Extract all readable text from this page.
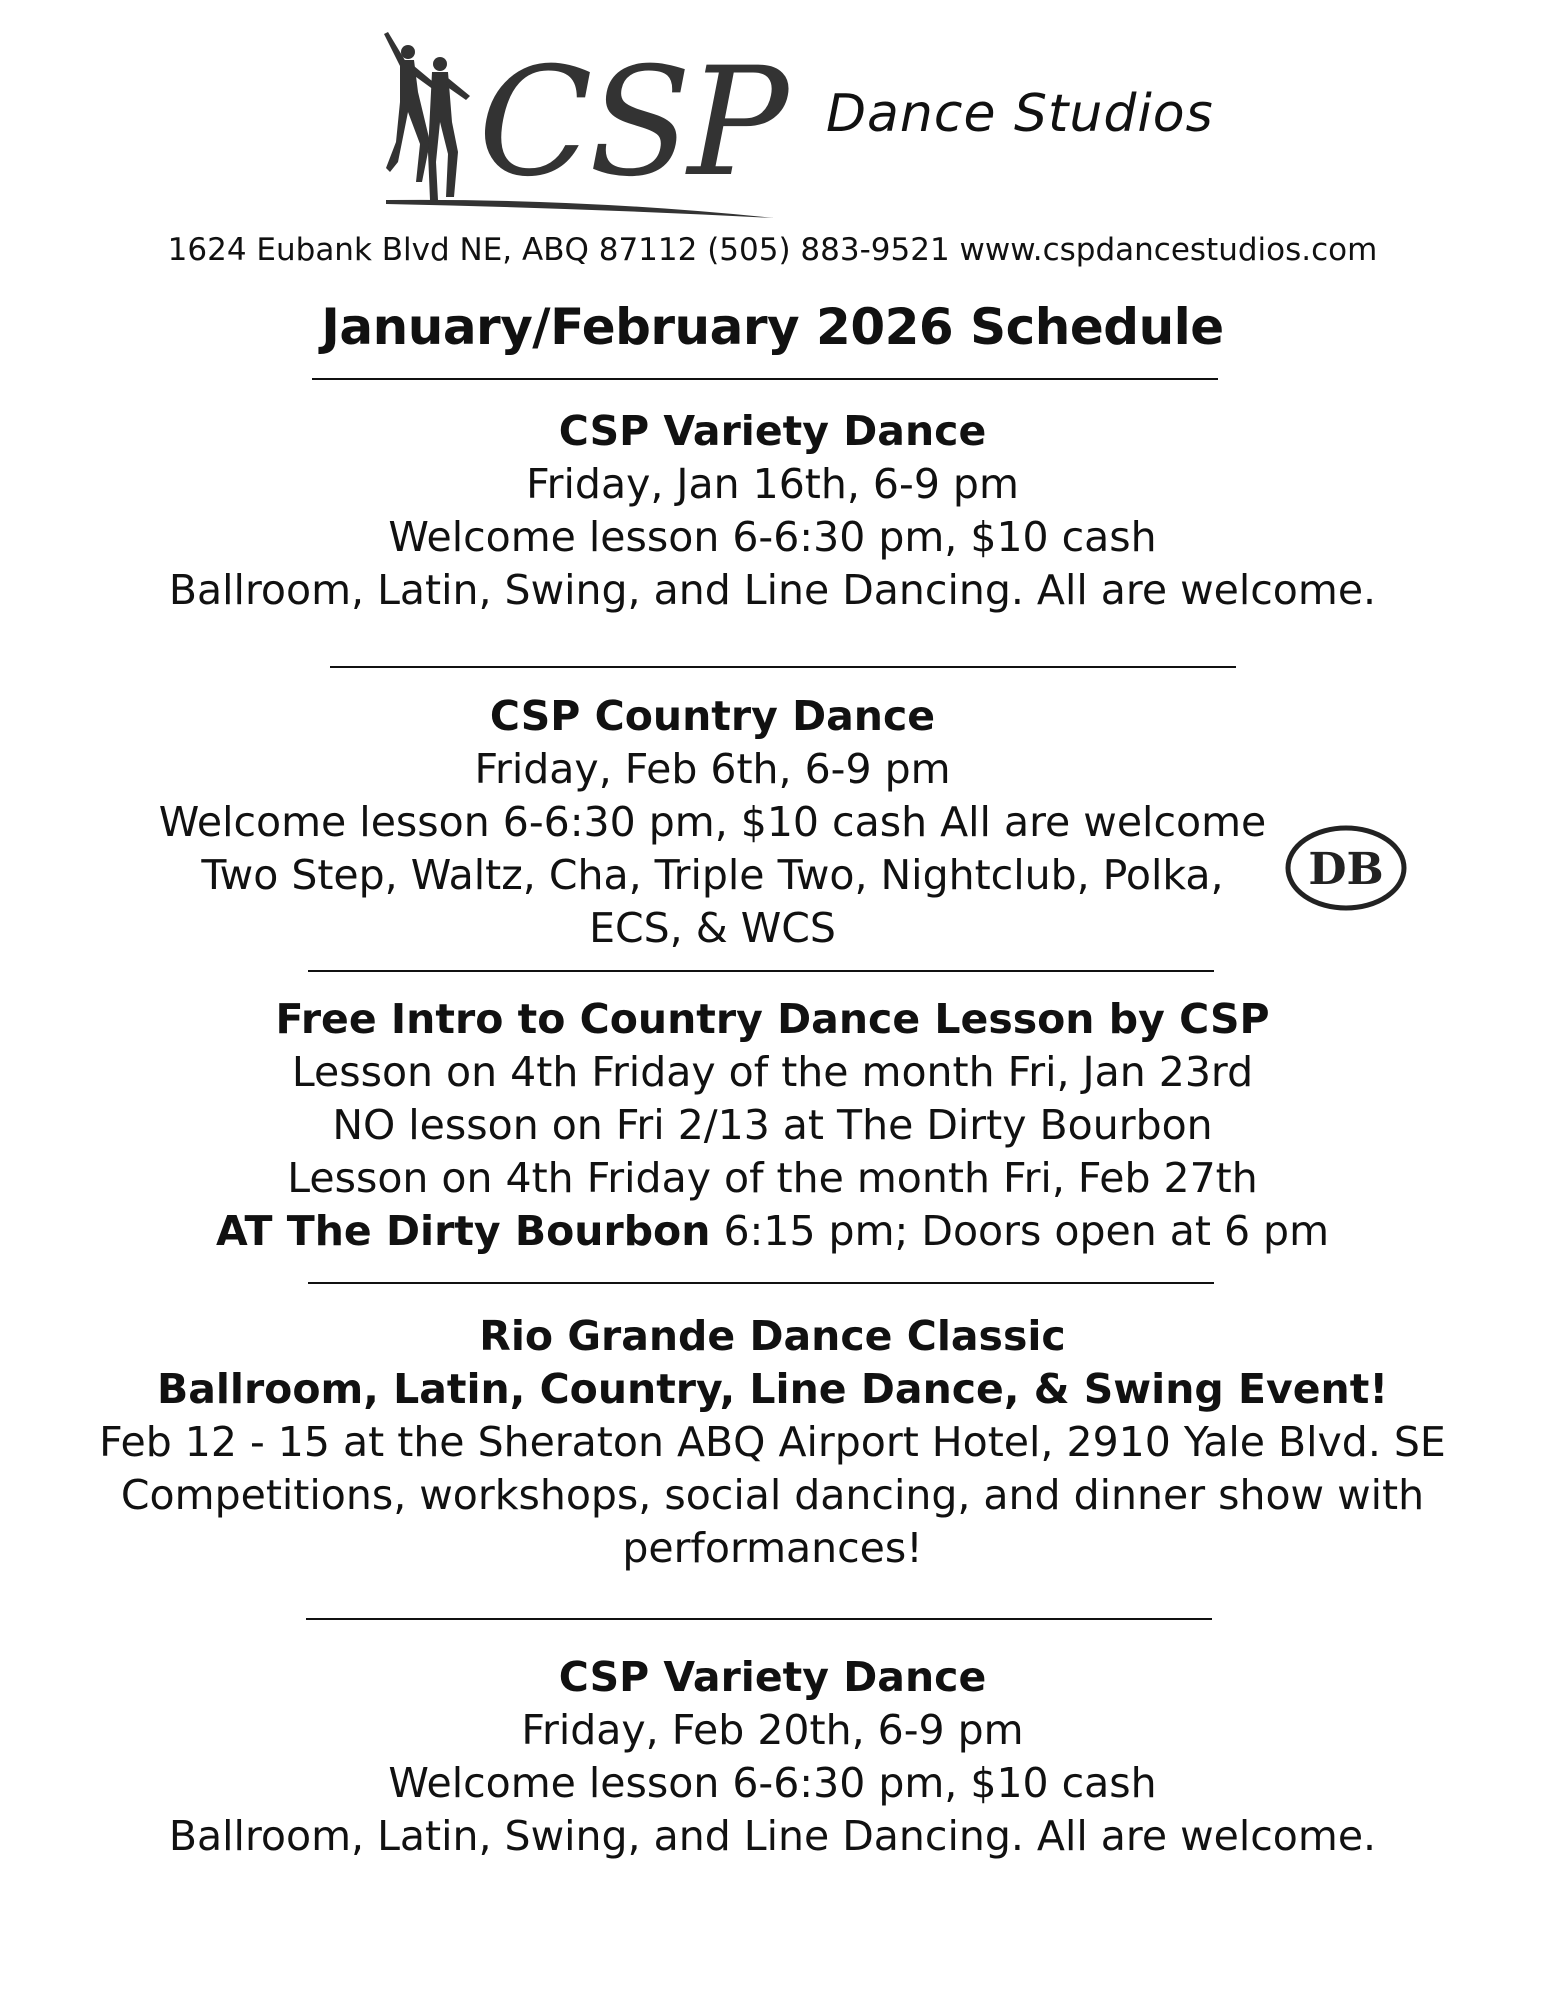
CSP Dance Studios
1624 Eubank Blvd NE, ABQ 87112 (505) 883-9521 www.cspdancestudios.com
January/February 2026 Schedule
CSP Variety Dance
Friday, Jan 16th, 6-9 pm
Welcome lesson 6-6:30 pm, $10 cash
Ballroom, Latin, Swing, and Line Dancing. All are welcome.
CSP Country Dance
Friday, Feb 6th, 6-9 pm
Welcome lesson 6-6:30 pm, $10 cash All are welcome
Two Step, Waltz, Cha, Triple Two, Nightclub, Polka,
ECS, & WCS
DB
Free Intro to Country Dance Lesson by CSP
Lesson on 4th Friday of the month Fri, Jan 23rd
NO lesson on Fri 2/13 at The Dirty Bourbon
Lesson on 4th Friday of the month Fri, Feb 27th
AT The Dirty Bourbon 6:15 pm; Doors open at 6 pm
Rio Grande Dance Classic
Ballroom, Latin, Country, Line Dance, & Swing Event!
Feb 12 - 15 at the Sheraton ABQ Airport Hotel, 2910 Yale Blvd. SE
Competitions, workshops, social dancing, and dinner show with
performances!
CSP Variety Dance
Friday, Feb 20th, 6-9 pm
Welcome lesson 6-6:30 pm, $10 cash
Ballroom, Latin, Swing, and Line Dancing. All are welcome.
